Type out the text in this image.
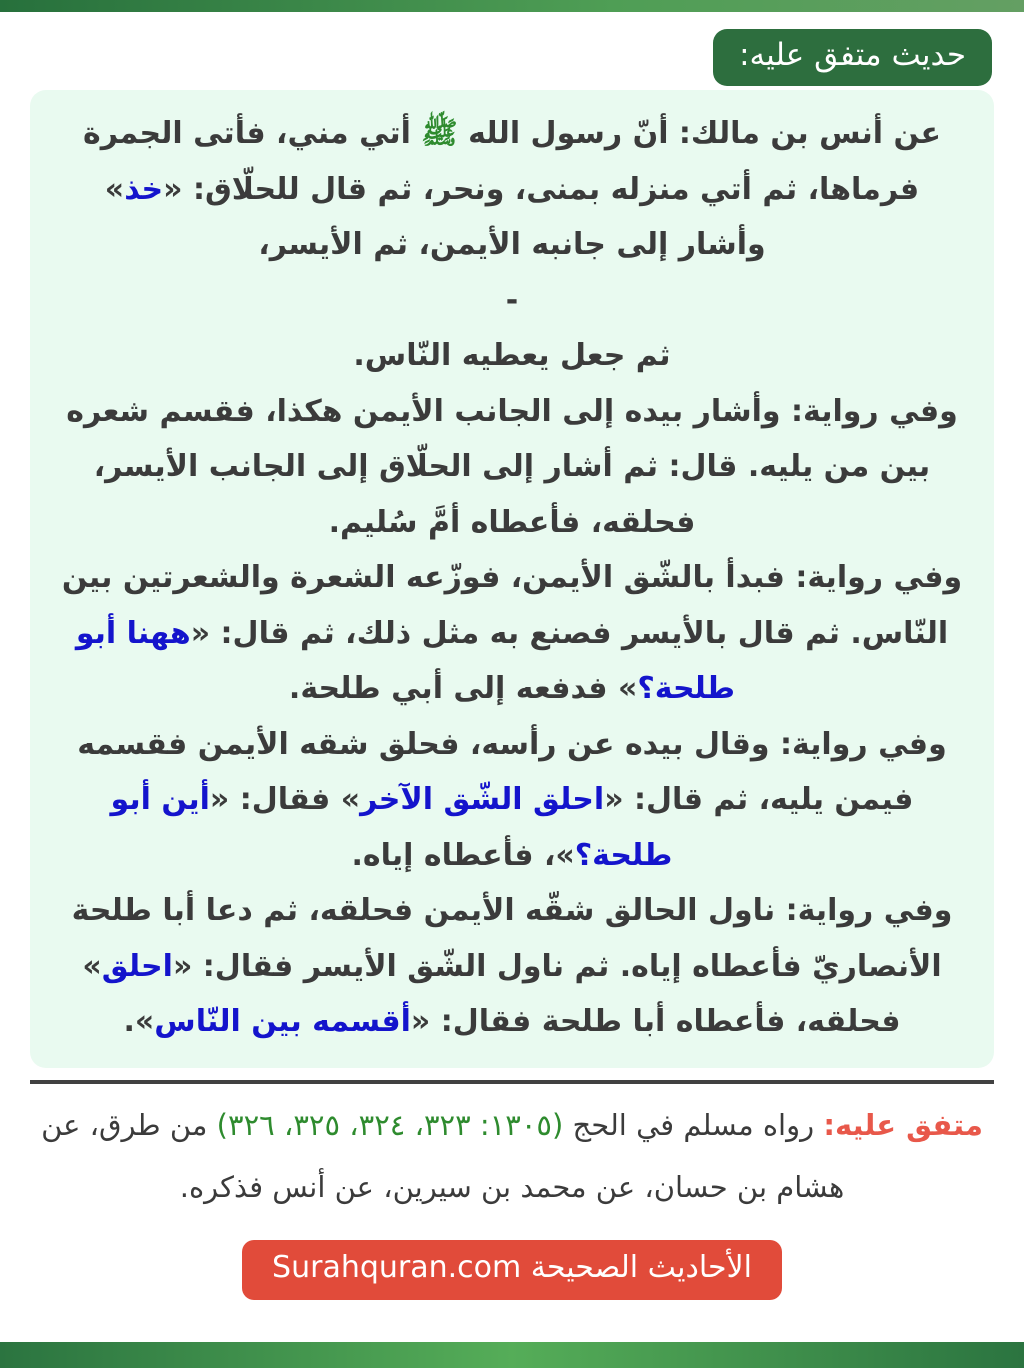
حديث متفق عليه:

عن أنس بن مالك: أنّ رسول الله ﷺ أتي مني، فأتى الجمرة فرماها، ثم أتي منزله بمنى، ونحر، ثم قال للحلّاق: «خذ» وأشار إلى جانبه الأيمن، ثم الأيسر،

-

ثم جعل يعطيه النّاس.

وفي رواية: وأشار بيده إلى الجانب الأيمن هكذا، فقسم شعره بين من يليه. قال: ثم أشار إلى الحلّاق إلى الجانب الأيسر، فحلقه، فأعطاه أمَّ سُليم.

وفي رواية: فبدأ بالشّق الأيمن، فوزّعه الشعرة والشعرتين بين النّاس. ثم قال بالأيسر فصنع به مثل ذلك، ثم قال: «ههنا أبو طلحة؟» فدفعه إلى أبي طلحة.

وفي رواية: وقال بيده عن رأسه، فحلق شقه الأيمن فقسمه فيمن يليه، ثم قال: «احلق الشّق الآخر» فقال: «أين أبو طلحة؟»، فأعطاه إياه.

وفي رواية: ناول الحالق شقّه الأيمن فحلقه، ثم دعا أبا طلحة الأنصاريّ فأعطاه إياه. ثم ناول الشّق الأيسر فقال: «احلق» فحلقه، فأعطاه أبا طلحة فقال: «أقسمه بين النّاس».

متفق عليه: رواه مسلم في الحج (١٣٠٥: ٣٢٣، ٣٢٤، ٣٢٥، ٣٢٦) من طرق، عن هشام بن حسان، عن محمد بن سيرين، عن أنس فذكره.
الأحاديث الصحيحة Surahquran.com
